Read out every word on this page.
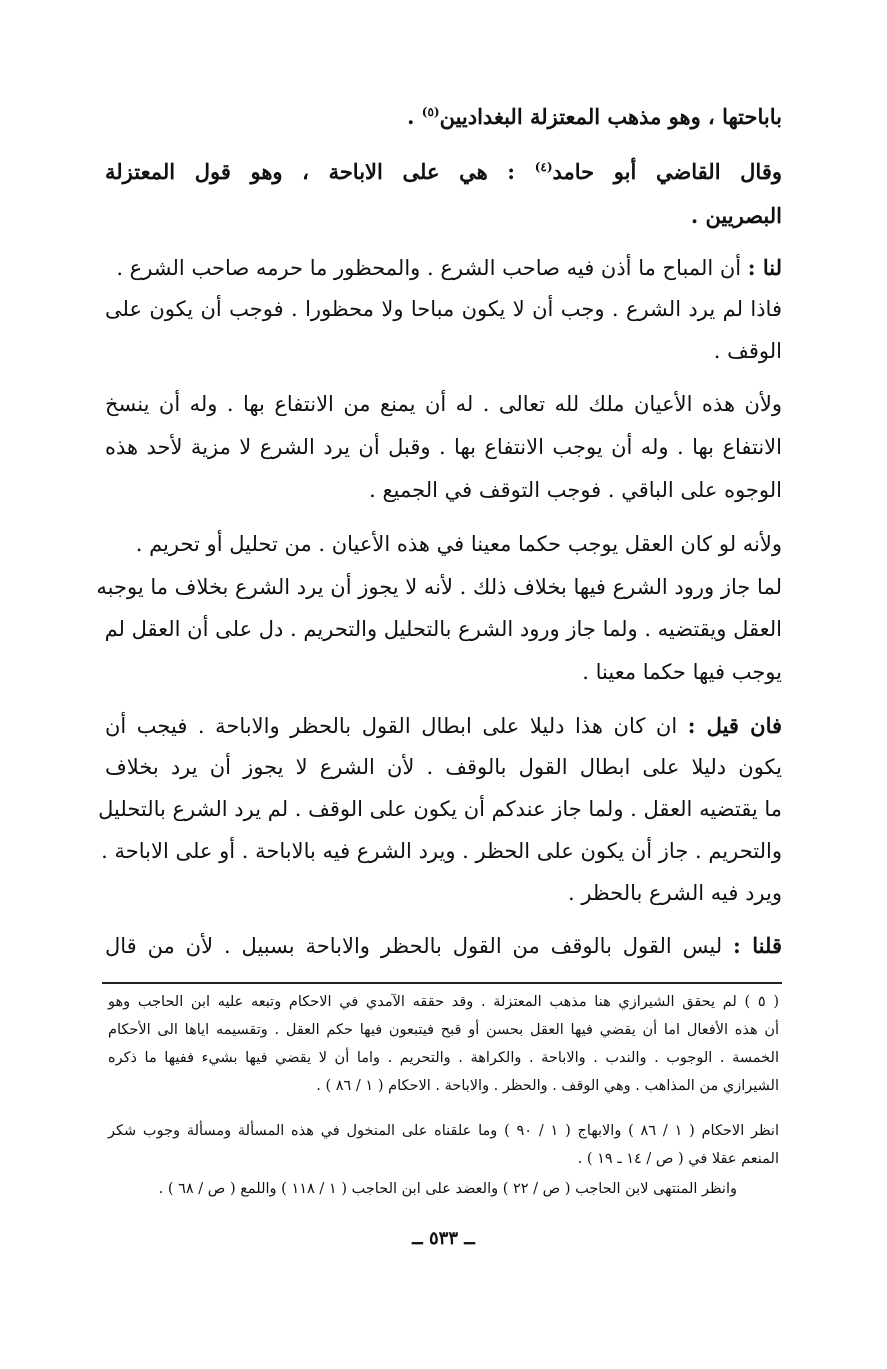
باباحتها ، وهو مذهب المعتزلة البغداديين$^{(٥)}$ .
وقال القاضي أبو حامد$^{(٤)}$ : هي على الاباحة ، وهو قول المعتزلة
البصريين .
لنا : أن المباح ما أذن فيه صاحب الشرع . والمحظور ما حرمه صاحب الشرع .
فاذا لم يرد الشرع . وجب أن لا يكون مباحا ولا محظورا . فوجب أن يكون على
الوقف .
ولأن هذه الأعيان ملك لله تعالى . له أن يمنع من الانتفاع بها . وله أن ينسخ
الانتفاع بها . وله أن يوجب الانتفاع بها . وقبل أن يرد الشرع لا مزية لأحد هذه
الوجوه على الباقي . فوجب التوقف في الجميع .
ولأنه لو كان العقل يوجب حكما معينا في هذه الأعيان . من تحليل أو تحريم .
لما جاز ورود الشرع فيها بخلاف ذلك . لأنه لا يجوز أن يرد الشرع بخلاف ما يوجبه
العقل ويقتضيه . ولما جاز ورود الشرع بالتحليل والتحريم . دل على أن العقل لم
يوجب فيها حكما معينا .
فان قيل : ان كان هذا دليلا على ابطال القول بالحظر والاباحة . فيجب أن
يكون دليلا على ابطال القول بالوقف . لأن الشرع لا يجوز أن يرد بخلاف
ما يقتضيه العقل . ولما جاز عندكم أن يكون على الوقف . لم يرد الشرع بالتحليل
والتحريم . جاز أن يكون على الحظر . ويرد الشرع فيه بالاباحة . أو على الاباحة .
ويرد فيه الشرع بالحظر .
قلنا : ليس القول بالوقف من القول بالحظر والاباحة بسبيل . لأن من قال
( ٥ ) لم يحقق الشيرازي هنا مذهب المعتزلة . وقد حققه الآمدي في الاحكام وتبعه عليه ابن الحاجب وهو
أن هذه الأفعال اما أن يقضي فيها العقل بحسن أو قبح فيتبعون فيها حكم العقل . وتقسيمه اياها الى الأحكام
الخمسة . الوجوب . والندب . والاباحة . والكراهة . والتحريم . واما أن لا يقضي فيها بشيء ففيها ما ذكره
الشيرازي من المذاهب . وهي الوقف . والحظر . والاباحة . الاحكام ( ١ / ٨٦ ) .
انظر الاحكام ( ١ / ٨٦ ) والابهاج ( ١ / ٩٠ ) وما علقناه على المنخول في هذه المسألة ومسألة وجوب شكر
المنعم عقلا في ( ص / ١٤ ـ ١٩ ) .
وانظر المنتهى لابن الحاجب ( ص / ٢٢ ) والعضد على ابن الحاجب ( ١ / ١١٨ ) واللمع ( ص / ٦٨ ) .
ــ ٥٣٣ ــ
